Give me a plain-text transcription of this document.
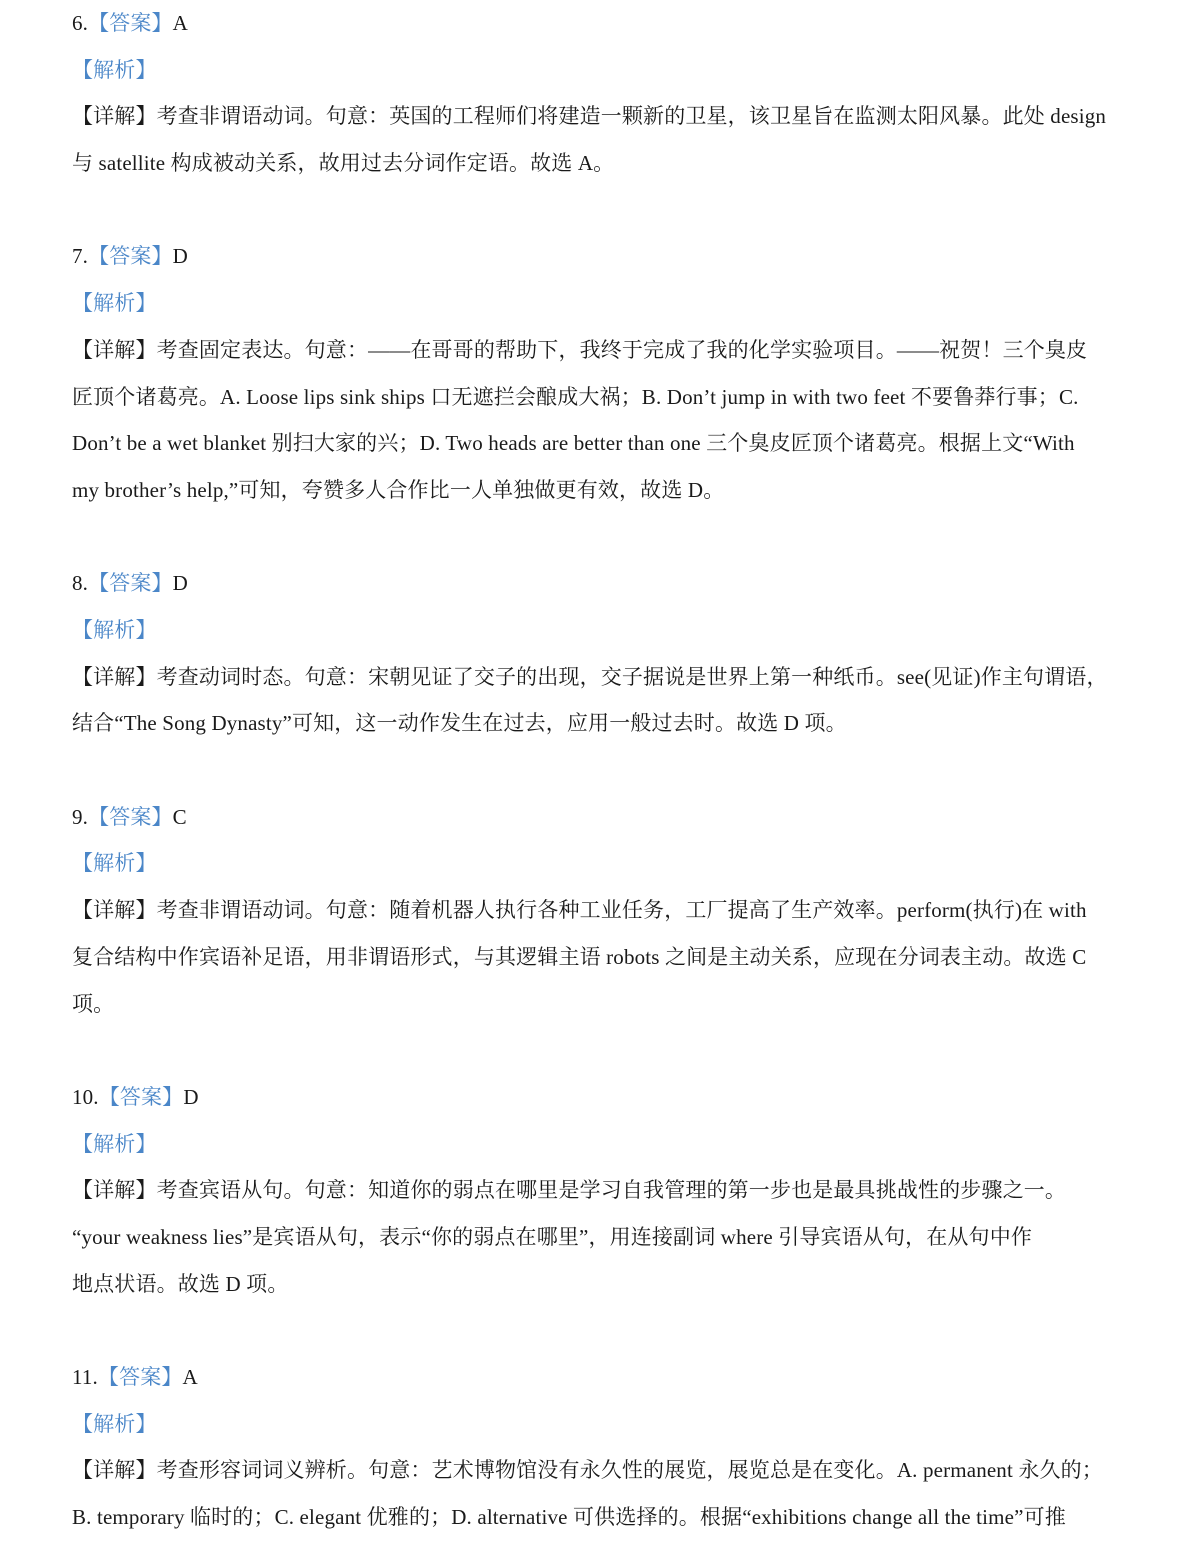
6.【答案】A
【解析】
【详解】考查非谓语动词。句意：英国的工程师们将建造一颗新的卫星，该卫星旨在监测太阳风暴。此处 design
与 satellite 构成被动关系，故用过去分词作定语。故选 A。
7.【答案】D
【解析】
【详解】考查固定表达。句意：——在哥哥的帮助下，我终于完成了我的化学实验项目。——祝贺！三个臭皮
匠顶个诸葛亮。A. Loose lips sink ships 口无遮拦会酿成大祸；B. Don’t jump in with two feet 不要鲁莽行事；C.
Don’t be a wet blanket 别扫大家的兴；D. Two heads are better than one 三个臭皮匠顶个诸葛亮。根据上文“With
my brother’s help,”可知，夸赞多人合作比一人单独做更有效，故选 D。
8.【答案】D
【解析】
【详解】考查动词时态。句意：宋朝见证了交子的出现，交子据说是世界上第一种纸币。see(见证)作主句谓语，
结合“The Song Dynasty”可知，这一动作发生在过去，应用一般过去时。故选 D 项。
9.【答案】C
【解析】
【详解】考查非谓语动词。句意：随着机器人执行各种工业任务，工厂提高了生产效率。perform(执行)在 with
复合结构中作宾语补足语，用非谓语形式，与其逻辑主语 robots 之间是主动关系，应现在分词表主动。故选 C
项。
10.【答案】D
【解析】
【详解】考查宾语从句。句意：知道你的弱点在哪里是学习自我管理的第一步也是最具挑战性的步骤之一。
“your weakness lies”是宾语从句，表示“你的弱点在哪里”，用连接副词 where 引导宾语从句，在从句中作
地点状语。故选 D 项。
11.【答案】A
【解析】
【详解】考查形容词词义辨析。句意：艺术博物馆没有永久性的展览，展览总是在变化。A. permanent 永久的；
B. temporary 临时的；C. elegant 优雅的；D. alternative 可供选择的。根据“exhibitions change all the time”可推
